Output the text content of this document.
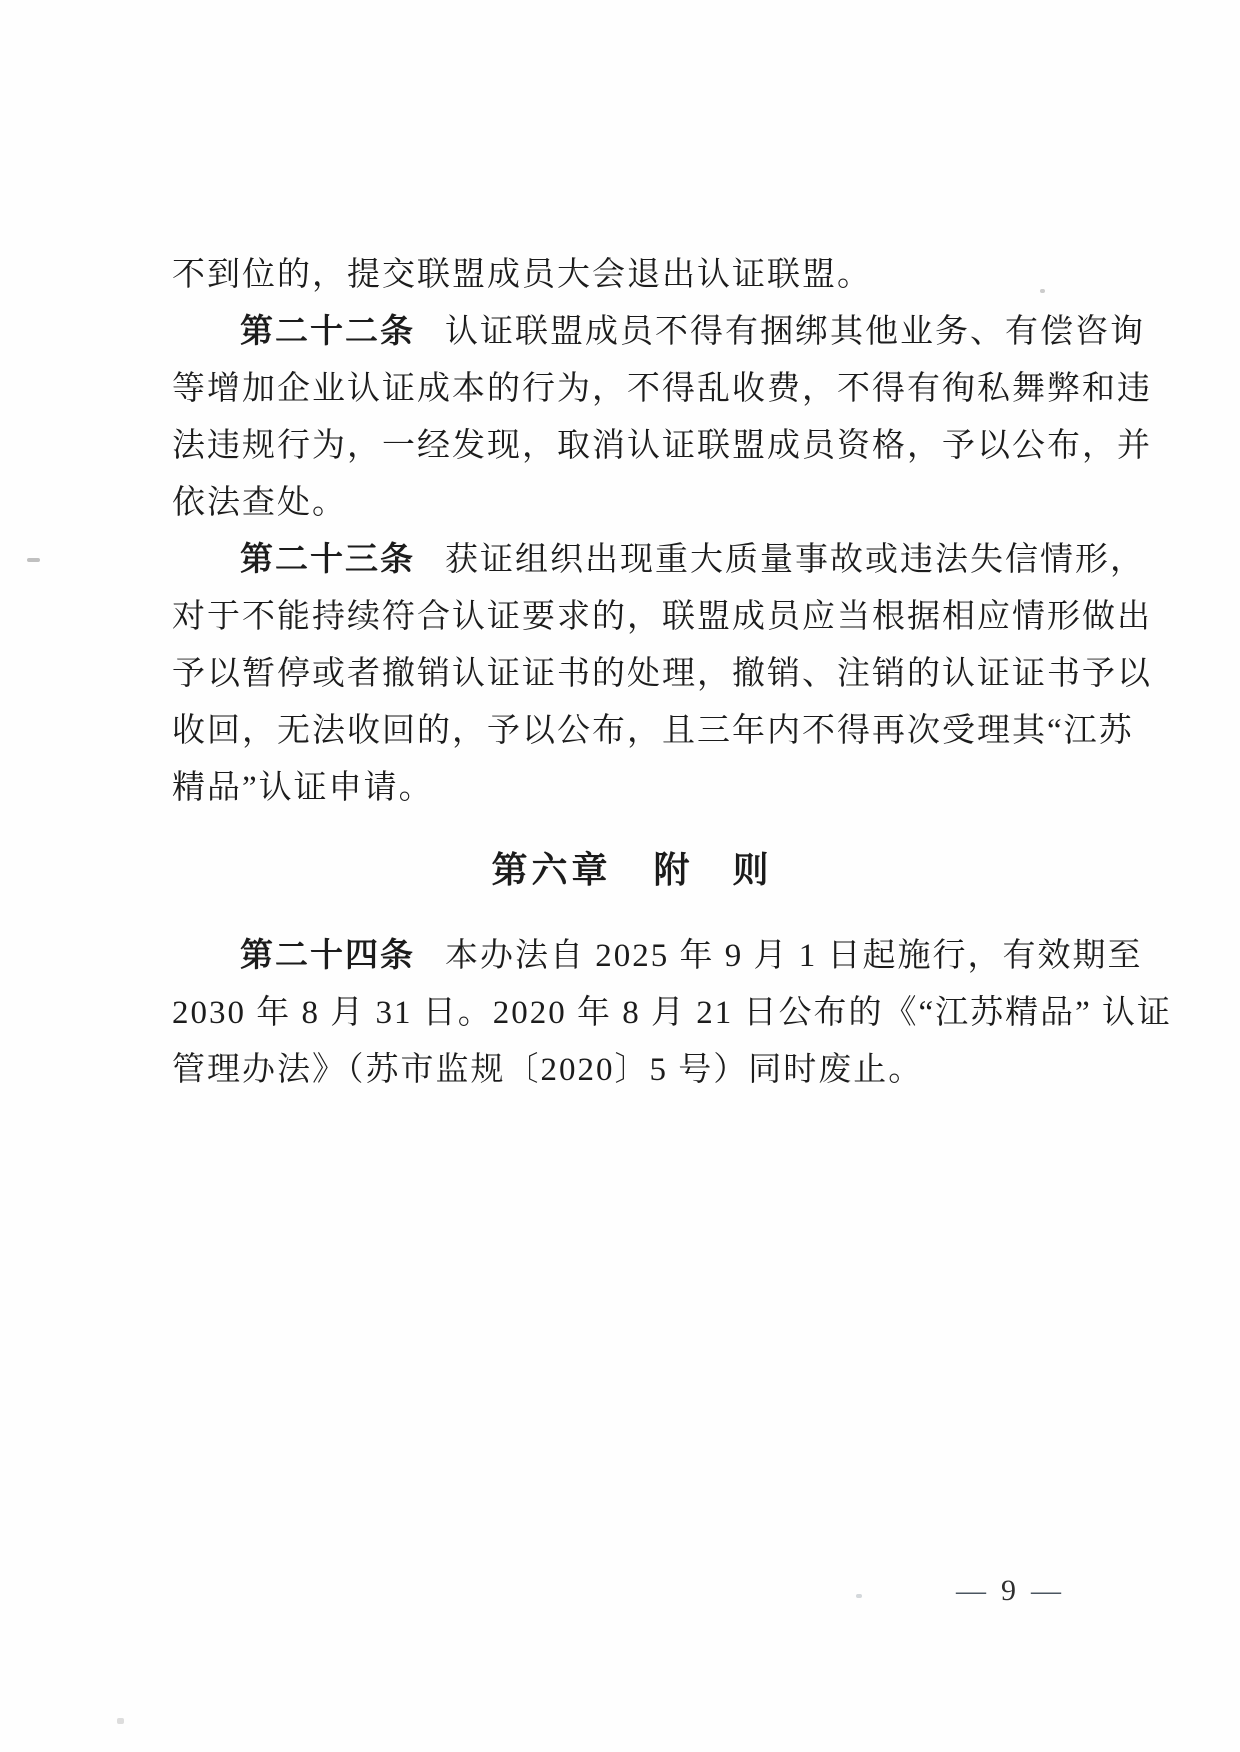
不到位的，提交联盟成员大会退出认证联盟。
第二十二条 认证联盟成员不得有捆绑其他业务、有偿咨询
等增加企业认证成本的行为，不得乱收费，不得有徇私舞弊和违
法违规行为，一经发现，取消认证联盟成员资格，予以公布，并
依法查处。
第二十三条 获证组织出现重大质量事故或违法失信情形，
对于不能持续符合认证要求的，联盟成员应当根据相应情形做出
予以暂停或者撤销认证证书的处理，撤销、注销的认证证书予以
收回，无法收回的，予以公布，且三年内不得再次受理其“江苏
精品”认证申请。
第六章 附 则
第二十四条 本办法自 2025 年 9 月 1 日起施行，有效期至
2030 年 8 月 31 日。2020 年 8 月 21 日公布的《“江苏精品” 认证
管理办法》（苏市监规〔2020〕5 号）同时废止。
— 9 —
